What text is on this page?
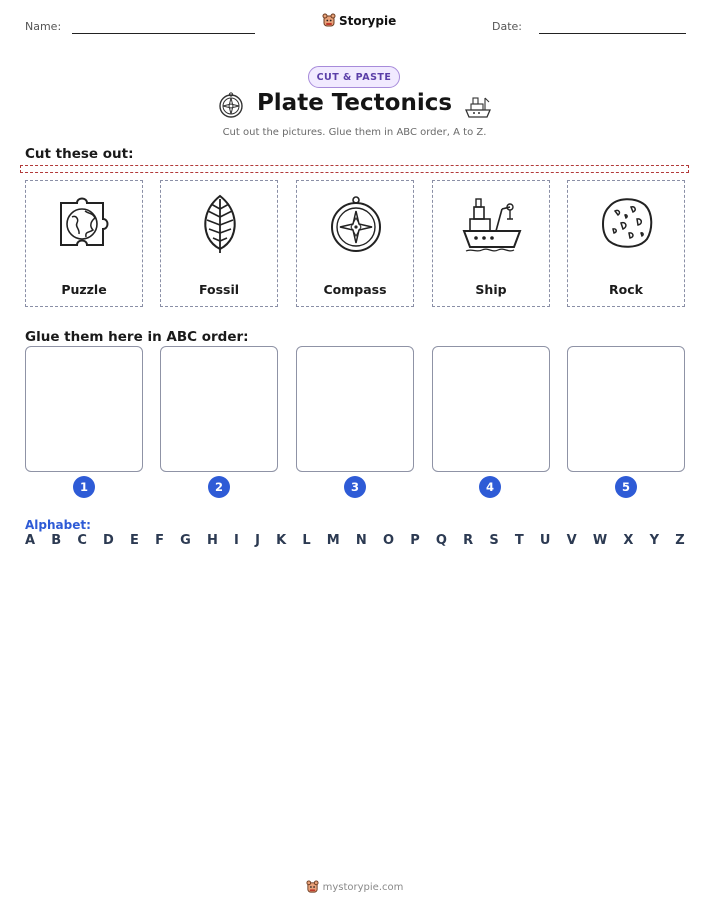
Name:	Storypie	Date:
CUT & PASTE
Plate Tectonics
Cut out the pictures. Glue them in ABC order, A to Z.
Cut these out:
Puzzle	Fossil	Compass	Ship	Rock
Glue them here in ABC order:
1	2	3	4	5
Alphabet:
A B C D E F G H I J K L M N O P Q R S T U V W X Y Z
mystorypie.com
